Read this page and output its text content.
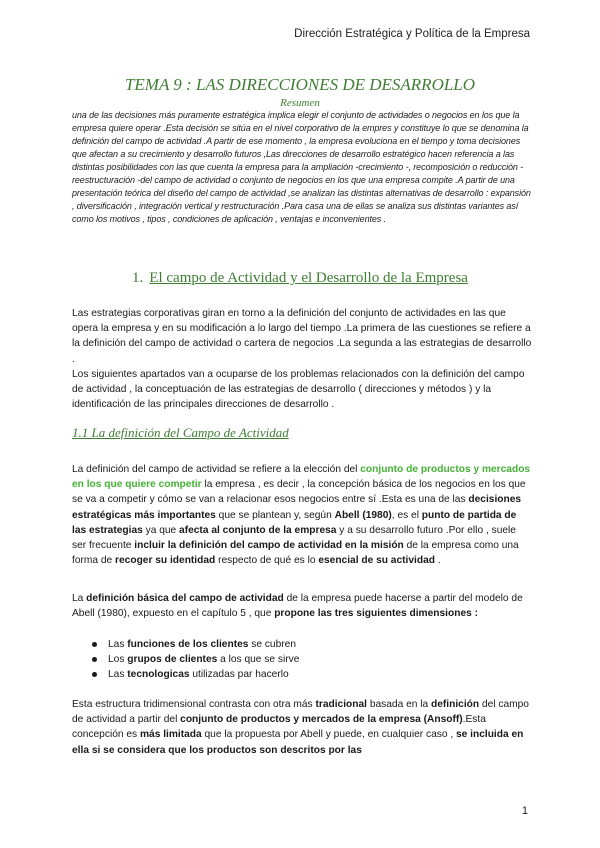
Dirección Estratégica y Política de la Empresa
TEMA 9 : LAS DIRECCIONES DE DESARROLLO
Resumen
una de las decisiones más puramente estratégica implica elegir el conjunto de actividades o negocios en los que la empresa quiere operar .Esta decisión se sitúa en el nivel corporativo de la empres y constituye lo que se denomina la definición del campo de actividad .A partir de ese momento , la empresa evoluciona en el tiempo y toma decisiones que afectan a su crecimiento y desarrollo futuros ,Las direcciones de desarrollo estratégico hacen referencia a las distintas posibilidades con las que cuenta la empresa para la ampliación -crecimiento -, recomposición o reducción -reestructuración -del campo de actividad o conjunto de negocios en los que una empresa compite .A partir de una presentación teórica del diseño del campo de actividad ,se analizan las distintas alternativas de desarrollo : expansión , diversificación , integración vertical y restructuración .Para casa una de ellas se analiza sus distintas variantes así como los motivos , tipos , condiciones de aplicación , ventajas e inconvenientes .
1. El campo de Actividad y el Desarrollo de la Empresa
Las estrategias corporativas giran en torno a la definición del conjunto de actividades en las que opera la empresa y en su modificación a lo largo del tiempo .La primera de las cuestiones se refiere a la definición del campo de actividad o cartera de negocios .La segunda a las estrategias de desarrollo .
Los siguientes apartados van a ocuparse de los problemas relacionados con la definición del campo de actividad , la conceptuación de las estrategias de desarrollo ( direcciones y métodos ) y la identificación de las principales direcciones de desarrollo .
1.1 La definición del Campo de Actividad
La definición del campo de actividad se refiere a la elección del conjunto de productos y mercados en los que quiere competir la empresa , es decir , la concepción básica de los negocios en los que se va a competir y cómo se van a relacionar esos negocios entre sí .Esta es una de las decisiones estratégicas más importantes que se plantean y, según Abell (1980), es el punto de partida de las estrategias ya que afecta al conjunto de la empresa y a su desarrollo futuro .Por ello , suele ser frecuente incluir la definición del campo de actividad en la misión de la empresa como una forma de recoger su identidad respecto de qué es lo esencial de su actividad .
La definición básica del campo de actividad de la empresa puede hacerse a partir del modelo de Abell (1980), expuesto en el capítulo 5 , que propone las tres siguientes dimensiones :
Las funciones de los clientes se cubren
Los grupos de clientes a los que se sirve
Las tecnologicas utilizadas par hacerlo
Esta estructura tridimensional contrasta con otra más tradicional basada en la definición del campo de actividad a partir del conjunto de productos y mercados de la empresa (Ansoff).Esta concepción es más limitada que la propuesta por Abell y puede, en cualquier caso , se incluida en ella si se considera que los productos son descritos por las
1
